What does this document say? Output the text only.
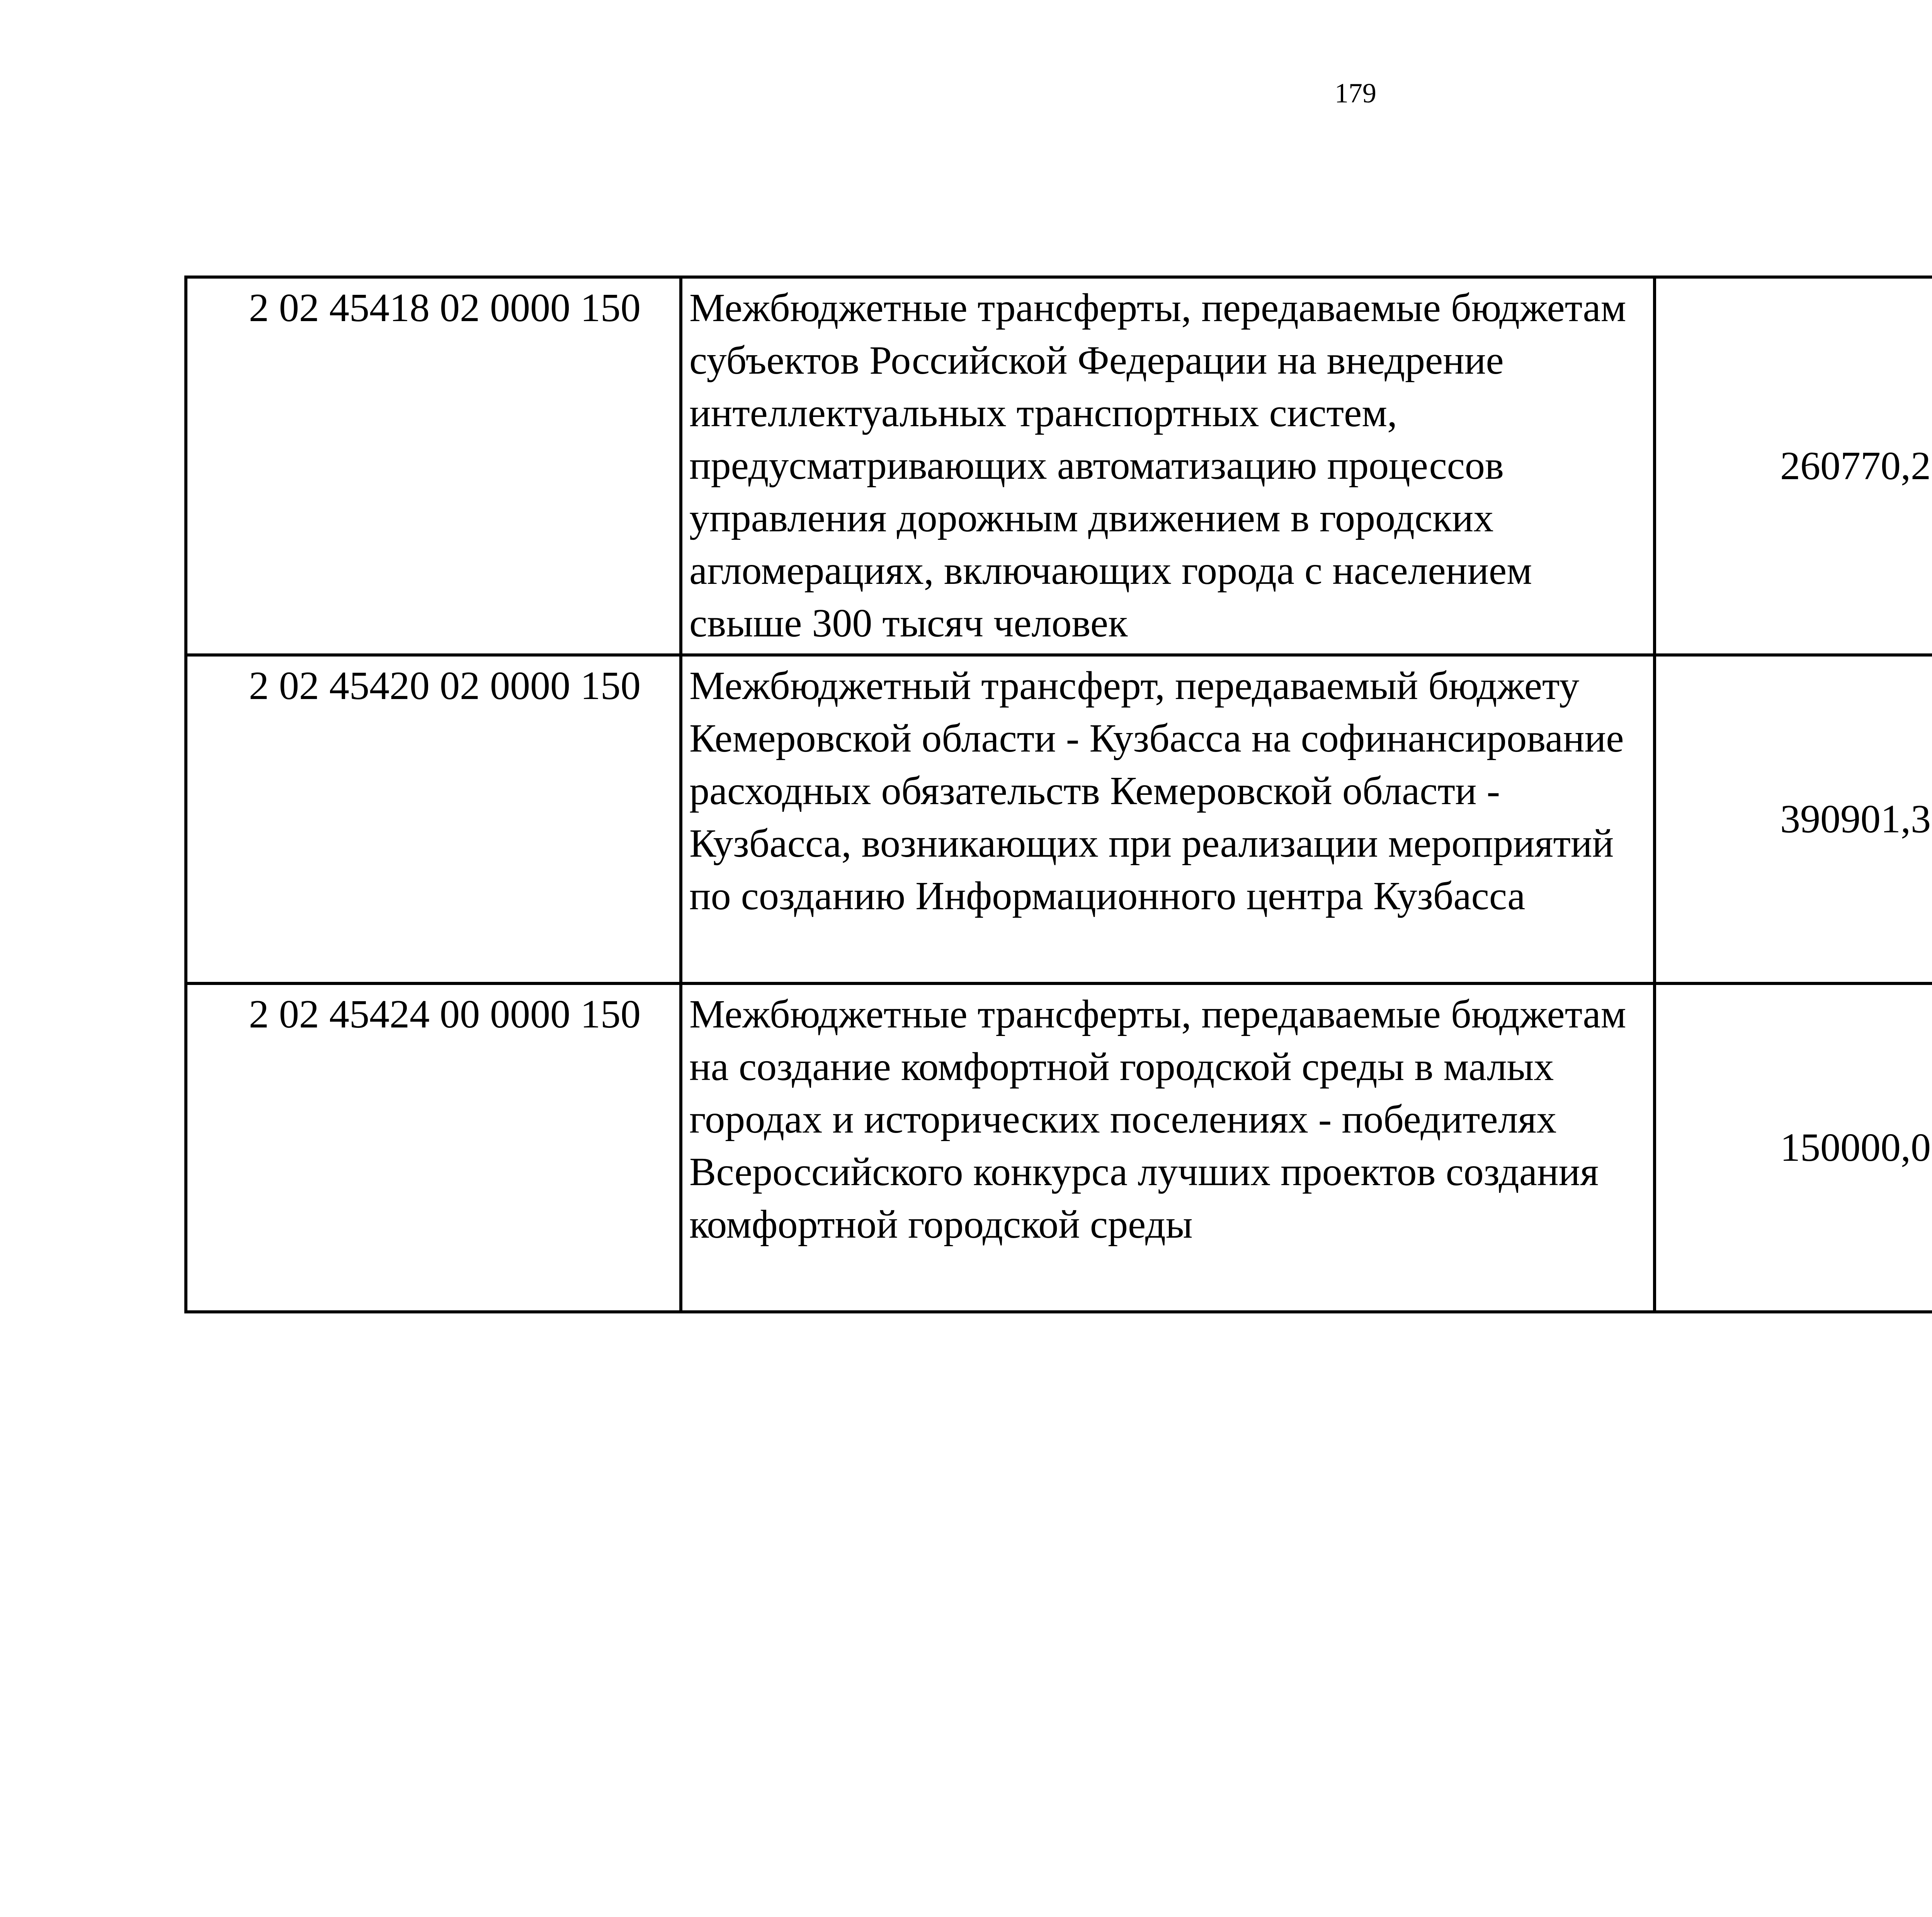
179
2 02 45418 02 0000 150	Межбюджетные трансферты, передаваемые бюджетам субъектов Российской Федерации на внедрение интеллектуальных транспортных систем, предусматривающих автоматизацию процессов управления дорожным движением в городских агломерациях, включающих города с населением свыше 300 тысяч человек	260770,2		
2 02 45420 02 0000 150	Межбюджетный трансферт, передаваемый бюджету Кемеровской области - Кузбасса на софинансирование расходных обязательств Кемеровской области - Кузбасса, возникающих при реализации мероприятий по созданию Информационного центра Кузбасса	390901,3		
2 02 45424 00 0000 150	Межбюджетные трансферты, передаваемые бюджетам на создание комфортной городской среды в малых городах и исторических поселениях - победителях Всероссийского конкурса лучших проектов создания комфортной городской среды	150000,0		
